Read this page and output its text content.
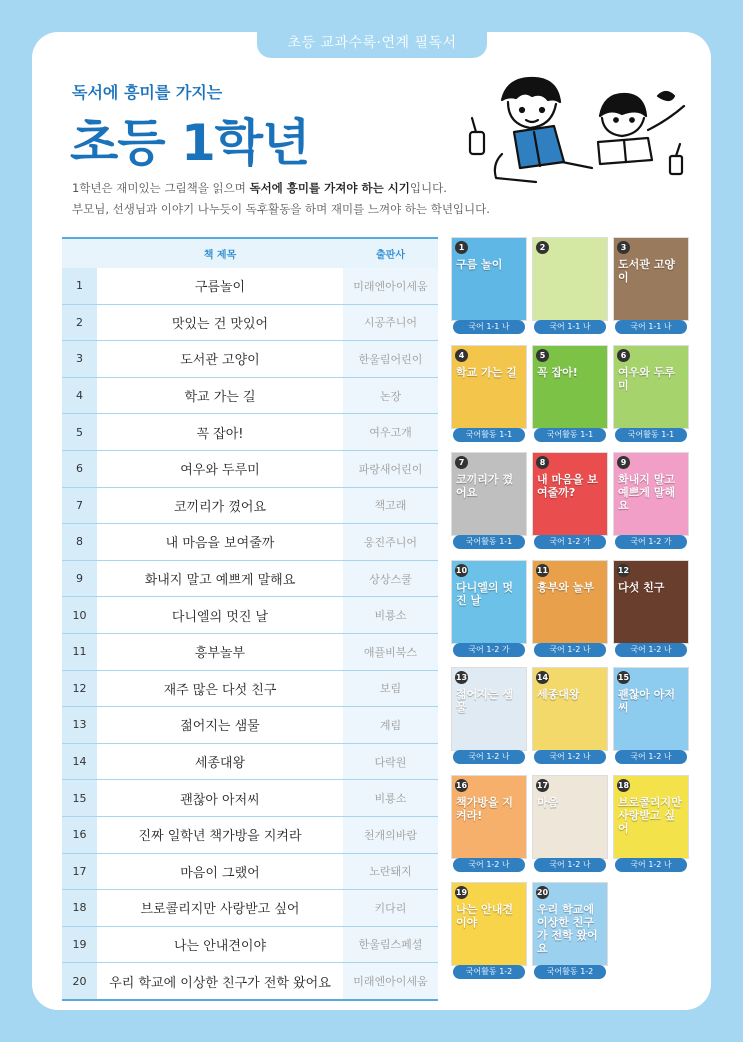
초등 교과수록·연계 필독서
독서에 흥미를 가지는
초등 1학년
1학년은 재미있는 그림책을 읽으며 독서에 흥미를 가져야 하는 시기입니다.
부모님, 선생님과 이야기 나누듯이 독후활동을 하며 재미를 느껴야 하는 학년입니다.
	책 제목	출판사
1	구름놀이	미래엔아이세움
2	맛있는 건 맛있어	시공주니어
3	도서관 고양이	한울림어린이
4	학교 가는 길	논장
5	꼭 잡아!	여우고개
6	여우와 두루미	파랑새어린이
7	코끼리가 꼈어요	책고래
8	내 마음을 보여줄까	웅진주니어
9	화내지 말고 예쁘게 말해요	상상스쿨
10	다니엘의 멋진 날	비룡소
11	흥부놀부	애플비북스
12	재주 많은 다섯 친구	보림
13	젊어지는 샘물	계림
14	세종대왕	다락원
15	괜찮아 아저씨	비룡소
16	진짜 일학년 책가방을 지켜라	천개의바람
17	마음이 그랬어	노란돼지
18	브로콜리지만 사랑받고 싶어	키다리
19	나는 안내견이야	한울림스페셜
20	우리 학교에 이상한 친구가 전학 왔어요	미래엔아이세움
1
구름 놀이
국어 1-1 나
2
국어 1-1 나
3
도서관 고양이
국어 1-1 나
4
학교 가는 길
국어활동 1-1
5
꼭 잡아!
국어활동 1-1
6
여우와 두루미
국어활동 1-1
7
코끼리가 꼈어요
국어활동 1-1
8
내 마음을 보여줄까?
국어 1-2 가
9
화내지 말고 예쁘게 말해요
국어 1-2 가
10
다니엘의 멋진 날
국어 1-2 가
11
흥부와 놀부
국어 1-2 나
12
다섯 친구
국어 1-2 나
13
젊어지는 샘물
국어 1-2 나
14
세종대왕
국어 1-2 나
15
괜찮아 아저씨
국어 1-2 나
16
책가방을 지켜라!
국어 1-2 나
17
마음
국어 1-2 나
18
브로콜리지만 사랑받고 싶어
국어 1-2 나
19
나는 안내견이야
국어활동 1-2
20
우리 학교에 이상한 친구가 전학 왔어요
국어활동 1-2
